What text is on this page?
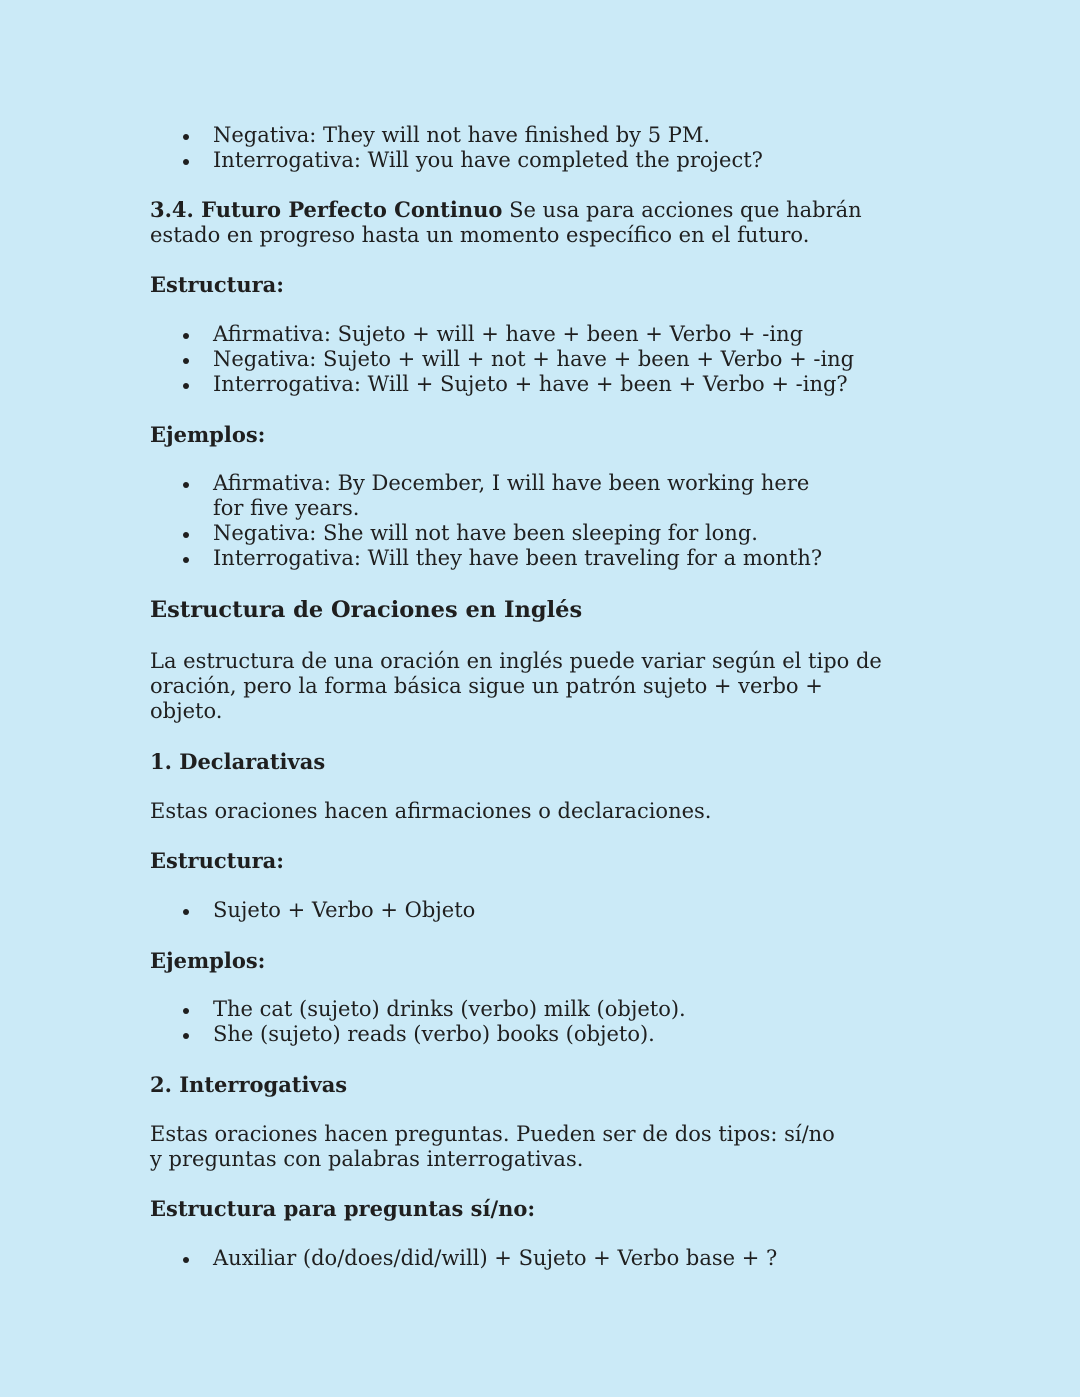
Negativa: They will not have finished by 5 PM.
Interrogativa: Will you have completed the project?

3.4. Futuro Perfecto Continuo Se usa para acciones que habrán estado en progreso hasta un momento específico en el futuro.

Estructura:

Afirmativa: Sujeto + will + have + been + Verbo + -ing
Negativa: Sujeto + will + not + have + been + Verbo + -ing
Interrogativa: Will + Sujeto + have + been + Verbo + -ing?

Ejemplos:

Afirmativa: By December, I will have been working here for five years.
Negativa: She will not have been sleeping for long.
Interrogativa: Will they have been traveling for a month?
Estructura de Oraciones en Inglés

La estructura de una oración en inglés puede variar según el tipo de oración, pero la forma básica sigue un patrón sujeto + verbo + objeto.

1. Declarativas

Estas oraciones hacen afirmaciones o declaraciones.

Estructura:

Sujeto + Verbo + Objeto

Ejemplos:

The cat (sujeto) drinks (verbo) milk (objeto).
She (sujeto) reads (verbo) books (objeto).

2. Interrogativas

Estas oraciones hacen preguntas. Pueden ser de dos tipos: sí/no y preguntas con palabras interrogativas.

Estructura para preguntas sí/no:

Auxiliar (do/does/did/will) + Sujeto + Verbo base + ?
